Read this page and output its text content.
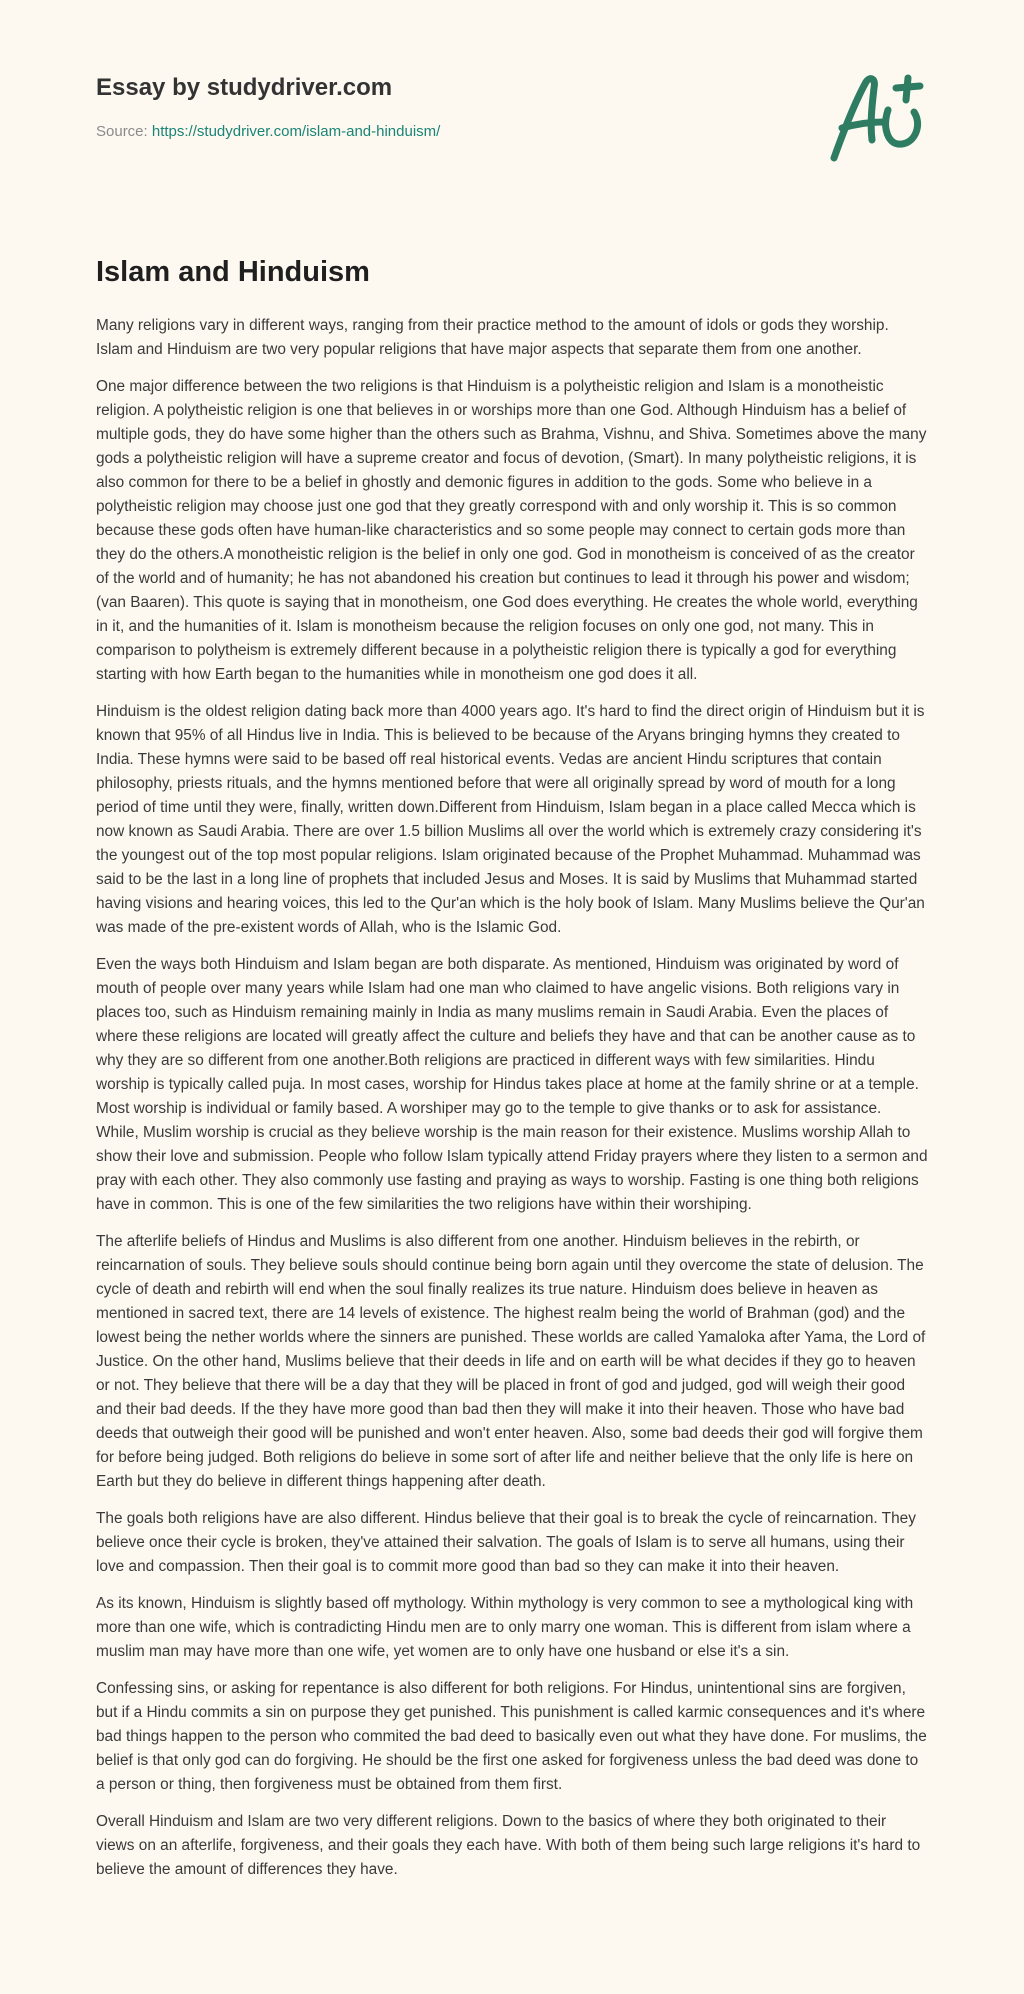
Essay by studydriver.com
Source: https://studydriver.com/islam-and-hinduism/
Islam and Hinduism

Many religions vary in different ways, ranging from their practice method to the amount of idols or gods they worship. Islam and Hinduism are two very popular religions that have major aspects that separate them from one another.

One major difference between the two religions is that Hinduism is a polytheistic religion and Islam is a monotheistic religion. A polytheistic religion is one that believes in or worships more than one God. Although Hinduism has a belief of multiple gods, they do have some higher than the others such as Brahma, Vishnu, and Shiva. Sometimes above the many gods a polytheistic religion will have a supreme creator and focus of devotion, (Smart). In many polytheistic religions, it is also common for there to be a belief in ghostly and demonic figures in addition to the gods. Some who believe in a polytheistic religion may choose just one god that they greatly correspond with and only worship it. This is so common because these gods often have human-like characteristics and so some people may connect to certain gods more than they do the others.A monotheistic religion is the belief in only one god. God in monotheism is conceived of as the creator of the world and of humanity; he has not abandoned his creation but continues to lead it through his power and wisdom; (van Baaren). This quote is saying that in monotheism, one God does everything. He creates the whole world, everything in it, and the humanities of it. Islam is monotheism because the religion focuses on only one god, not many. This in comparison to polytheism is extremely different because in a polytheistic religion there is typically a god for everything starting with how Earth began to the humanities while in monotheism one god does it all.

Hinduism is the oldest religion dating back more than 4000 years ago. It's hard to find the direct origin of Hinduism but it is known that 95% of all Hindus live in India. This is believed to be because of the Aryans bringing hymns they created to India. These hymns were said to be based off real historical events. Vedas are ancient Hindu scriptures that contain philosophy, priests rituals, and the hymns mentioned before that were all originally spread by word of mouth for a long period of time until they were, finally, written down.Different from Hinduism, Islam began in a place called Mecca which is now known as Saudi Arabia. There are over 1.5 billion Muslims all over the world which is extremely crazy considering it's the youngest out of the top most popular religions. Islam originated because of the Prophet Muhammad. Muhammad was said to be the last in a long line of prophets that included Jesus and Moses. It is said by Muslims that Muhammad started having visions and hearing voices, this led to the Qur'an which is the holy book of Islam. Many Muslims believe the Qur'an was made of the pre-existent words of Allah, who is the Islamic God.

Even the ways both Hinduism and Islam began are both disparate. As mentioned, Hinduism was originated by word of mouth of people over many years while Islam had one man who claimed to have angelic visions. Both religions vary in places too, such as Hinduism remaining mainly in India as many muslims remain in Saudi Arabia. Even the places of where these religions are located will greatly affect the culture and beliefs they have and that can be another cause as to why they are so different from one another.Both religions are practiced in different ways with few similarities. Hindu worship is typically called puja. In most cases, worship for Hindus takes place at home at the family shrine or at a temple. Most worship is individual or family based. A worshiper may go to the temple to give thanks or to ask for assistance. While, Muslim worship is crucial as they believe worship is the main reason for their existence. Muslims worship Allah to show their love and submission. People who follow Islam typically attend Friday prayers where they listen to a sermon and pray with each other. They also commonly use fasting and praying as ways to worship. Fasting is one thing both religions have in common. This is one of the few similarities the two religions have within their worshiping.

The afterlife beliefs of Hindus and Muslims is also different from one another. Hinduism believes in the rebirth, or reincarnation of souls. They believe souls should continue being born again until they overcome the state of delusion. The cycle of death and rebirth will end when the soul finally realizes its true nature. Hinduism does believe in heaven as mentioned in sacred text, there are 14 levels of existence. The highest realm being the world of Brahman (god) and the lowest being the nether worlds where the sinners are punished. These worlds are called Yamaloka after Yama, the Lord of Justice. On the other hand, Muslims believe that their deeds in life and on earth will be what decides if they go to heaven or not. They believe that there will be a day that they will be placed in front of god and judged, god will weigh their good and their bad deeds. If the they have more good than bad then they will make it into their heaven. Those who have bad deeds that outweigh their good will be punished and won't enter heaven. Also, some bad deeds their god will forgive them for before being judged. Both religions do believe in some sort of after life and neither believe that the only life is here on Earth but they do believe in different things happening after death.

The goals both religions have are also different. Hindus believe that their goal is to break the cycle of reincarnation. They believe once their cycle is broken, they've attained their salvation. The goals of Islam is to serve all humans, using their love and compassion. Then their goal is to commit more good than bad so they can make it into their heaven.

As its known, Hinduism is slightly based off mythology. Within mythology is very common to see a mythological king with more than one wife, which is contradicting Hindu men are to only marry one woman. This is different from islam where a muslim man may have more than one wife, yet women are to only have one husband or else it's a sin.

Confessing sins, or asking for repentance is also different for both religions. For Hindus, unintentional sins are forgiven, but if a Hindu commits a sin on purpose they get punished. This punishment is called karmic consequences and it's where bad things happen to the person who commited the bad deed to basically even out what they have done. For muslims, the belief is that only god can do forgiving. He should be the first one asked for forgiveness unless the bad deed was done to a person or thing, then forgiveness must be obtained from them first.

Overall Hinduism and Islam are two very different religions. Down to the basics of where they both originated to their views on an afterlife, forgiveness, and their goals they each have. With both of them being such large religions it's hard to believe the amount of differences they have.
